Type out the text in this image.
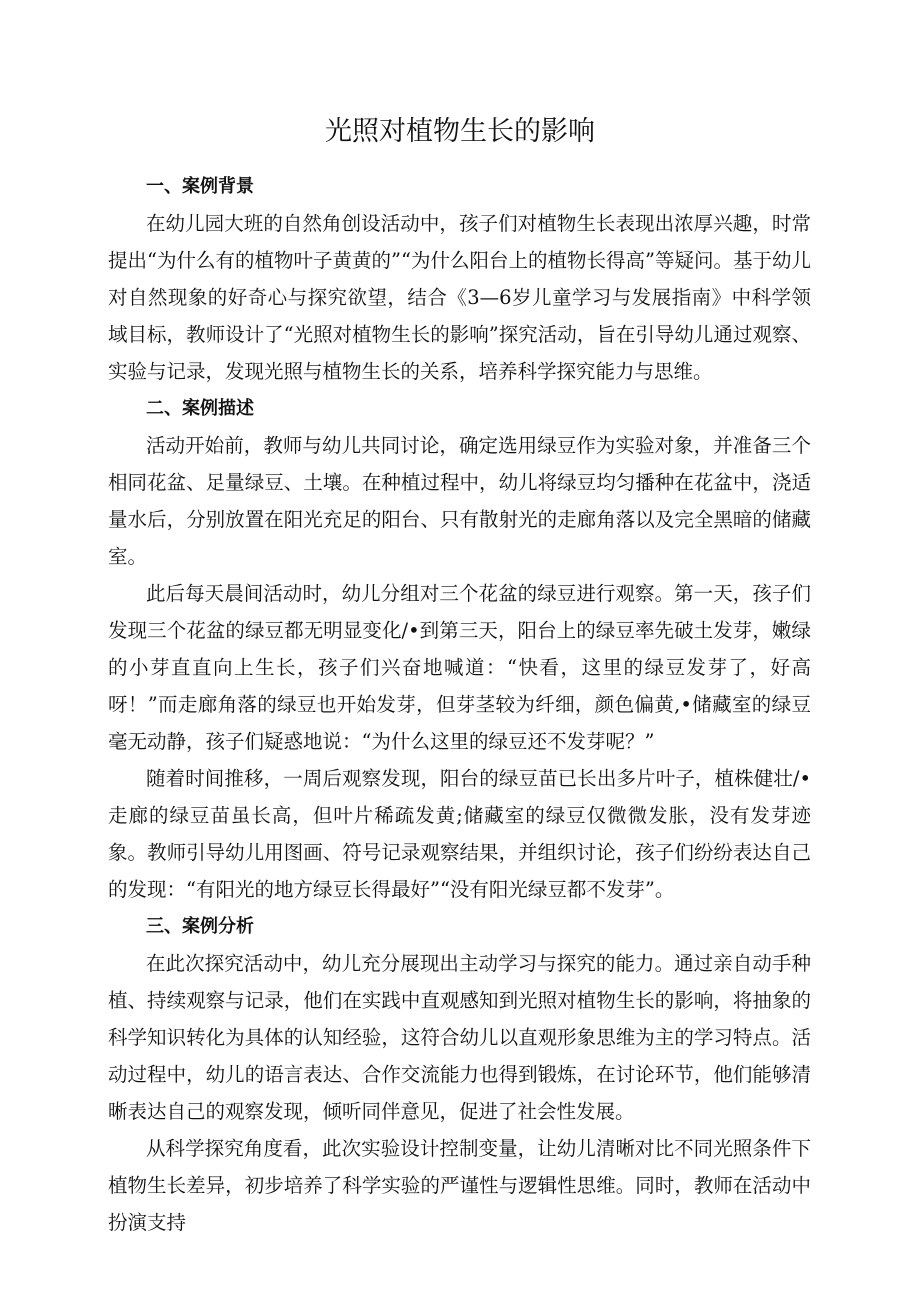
光照对植物生长的影响
一、案例背景

在幼儿园大班的自然角创设活动中，孩子们对植物生长表现出浓厚兴趣，时常提出“为什么有的植物叶子黄黄的”“为什么阳台上的植物长得高”等疑问。基于幼儿对自然现象的好奇心与探究欲望，结合《3—6岁儿童学习与发展指南》中科学领域目标，教师设计了“光照对植物生长的影响”探究活动，旨在引导幼儿通过观察、实验与记录，发现光照与植物生长的关系，培养科学探究能力与思维。

二、案例描述

活动开始前，教师与幼儿共同讨论，确定选用绿豆作为实验对象，并准备三个相同花盆、足量绿豆、土壤。在种植过程中，幼儿将绿豆均匀播种在花盆中，浇适量水后，分别放置在阳光充足的阳台、只有散射光的走廊角落以及完全黑暗的储藏室。

此后每天晨间活动时，幼儿分组对三个花盆的绿豆进行观察。第一天，孩子们发现三个花盆的绿豆都无明显变化/•到第三天，阳台上的绿豆率先破土发芽，嫩绿的小芽直直向上生长，孩子们兴奋地喊道：“快看，这里的绿豆发芽了，好高呀！”而走廊角落的绿豆也开始发芽，但芽茎较为纤细，颜色偏黄,•储藏室的绿豆毫无动静，孩子们疑惑地说：“为什么这里的绿豆还不发芽呢？”

随着时间推移，一周后观察发现，阳台的绿豆苗已长出多片叶子，植株健壮/•走廊的绿豆苗虽长高，但叶片稀疏发黄;储藏室的绿豆仅微微发胀，没有发芽迹象。教师引导幼儿用图画、符号记录观察结果，并组织讨论，孩子们纷纷表达自己的发现：“有阳光的地方绿豆长得最好”“没有阳光绿豆都不发芽”。

三、案例分析

在此次探究活动中，幼儿充分展现出主动学习与探究的能力。通过亲自动手种植、持续观察与记录，他们在实践中直观感知到光照对植物生长的影响，将抽象的科学知识转化为具体的认知经验，这符合幼儿以直观形象思维为主的学习特点。活动过程中，幼儿的语言表达、合作交流能力也得到锻炼，在讨论环节，他们能够清晰表达自己的观察发现，倾听同伴意见，促进了社会性发展。

从科学探究角度看，此次实验设计控制变量，让幼儿清晰对比不同光照条件下植物生长差异，初步培养了科学实验的严谨性与逻辑性思维。同时，教师在活动中扮演支持
